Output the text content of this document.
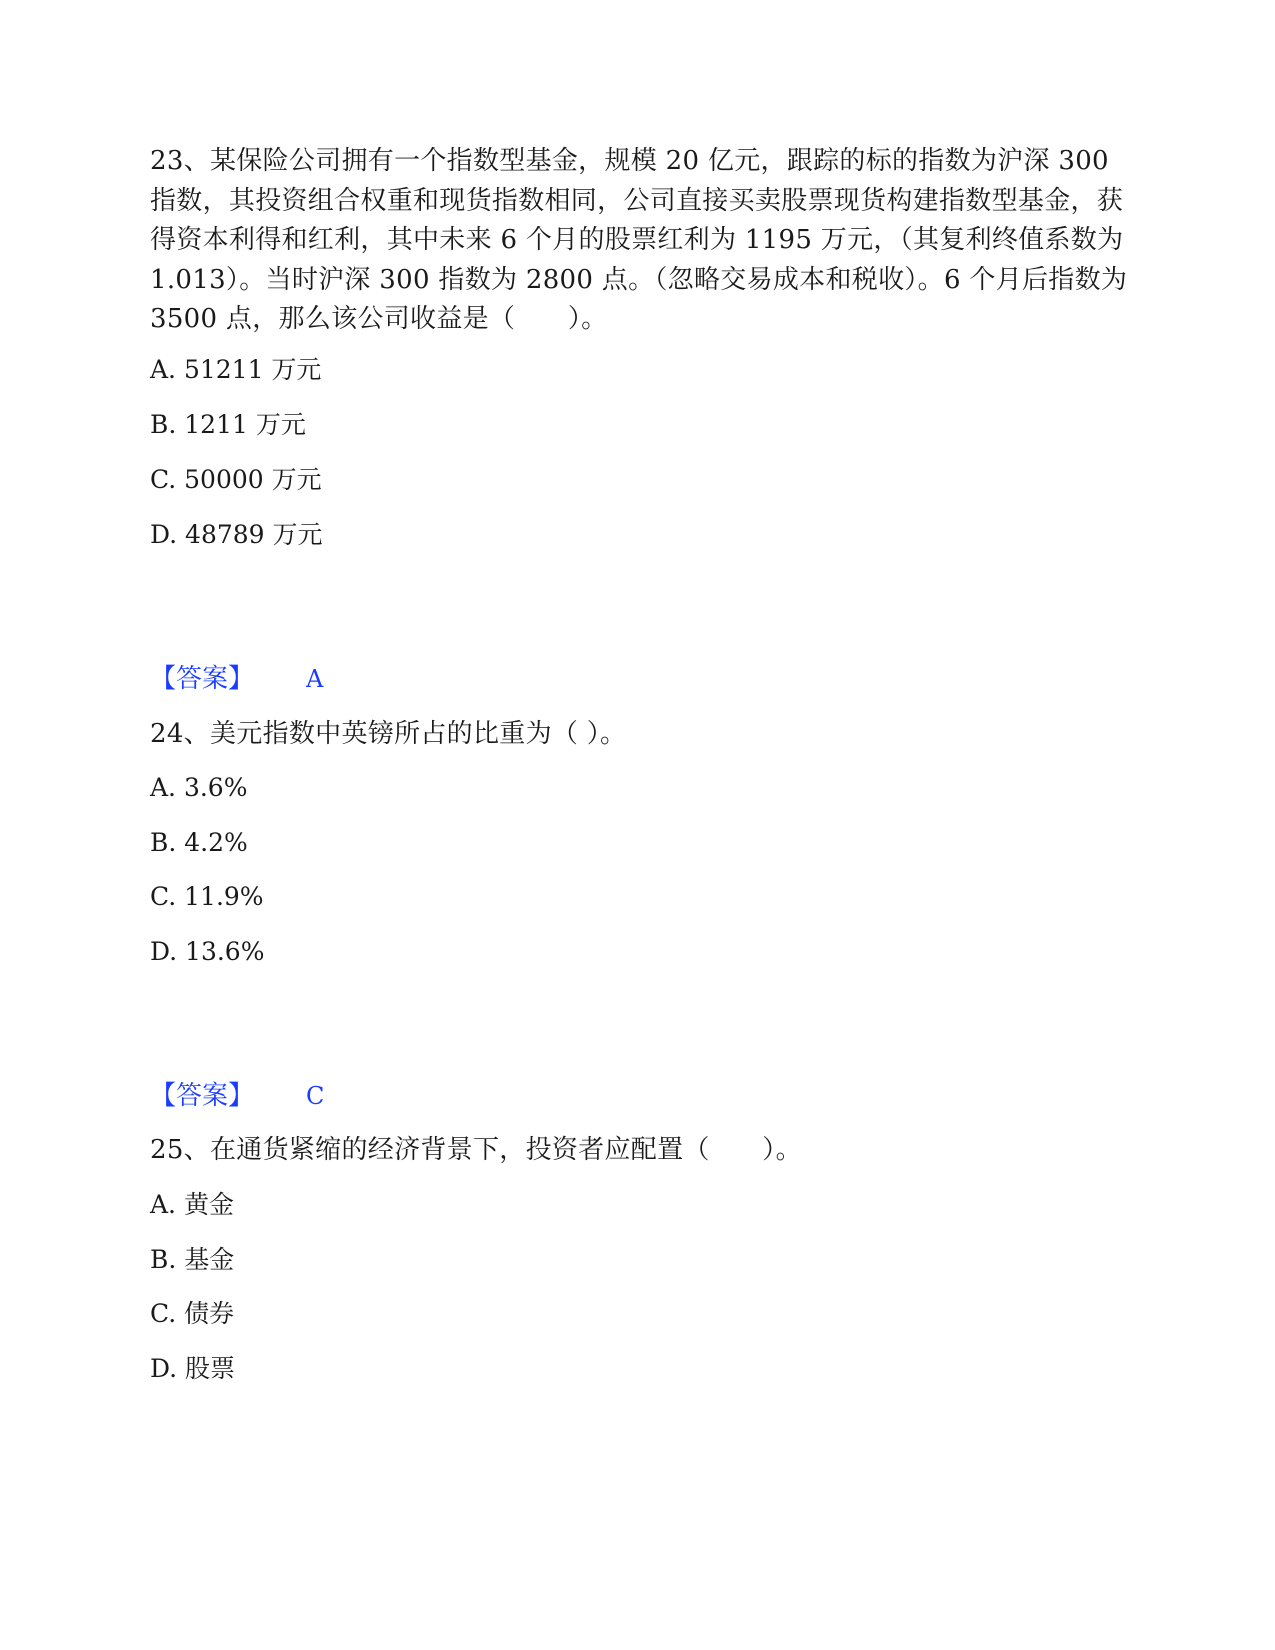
23、某保险公司拥有一个指数型基金，规模 20 亿元，跟踪的标的指数为沪深 300 指数，其投资组合权重和现货指数相同，公司直接买卖股票现货构建指数型基金，获得资本利得和红利，其中未来 6 个月的股票红利为 1195 万元，（其复利终值系数为 1.013）。当时沪深 300 指数为 2800 点。（忽略交易成本和税收）。6 个月后指数为 3500 点，那么该公司收益是（　　）。
A. 51211 万元
B. 1211 万元
C. 50000 万元
D. 48789 万元
【答案】 A
24、美元指数中英镑所占的比重为（ ）。
A. 3.6%
B. 4.2%
C. 11.9%
D. 13.6%
【答案】 C
25、在通货紧缩的经济背景下，投资者应配置（　　）。
A. 黄金
B. 基金
C. 债券
D. 股票
